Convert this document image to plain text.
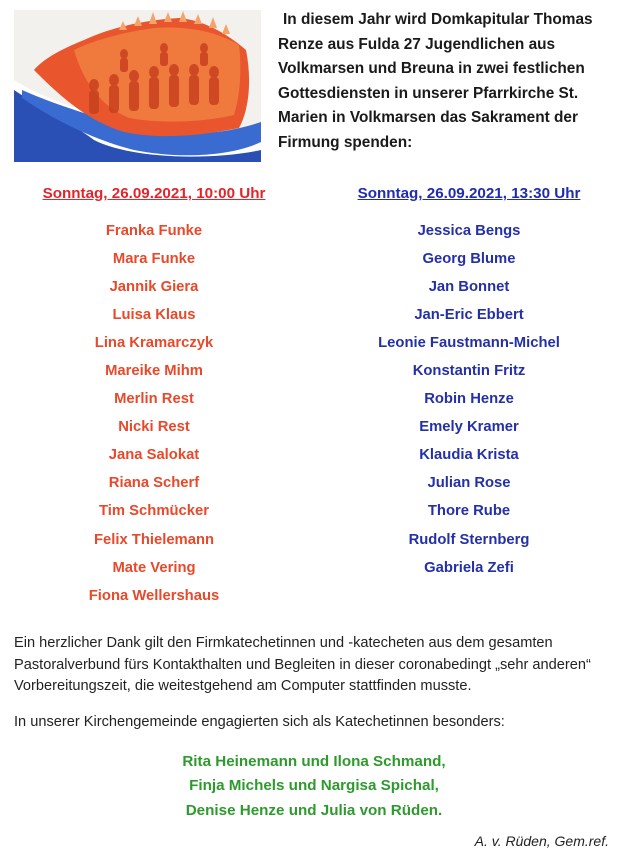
In diesem Jahr wird Domkapitular Thomas Renze aus Fulda 27 Jugendlichen aus Volkmarsen und Breuna in zwei festlichen Gottesdiensten in unserer Pfarrkirche St. Marien in Volkmarsen das Sakrament der Firmung spenden:
Sonntag, 26.09.2021, 10:00 Uhr
Franka Funke
Mara Funke
Jannik Giera
Luisa Klaus
Lina Kramarczyk
Mareike Mihm
Merlin Rest
Nicki Rest
Jana Salokat
Riana Scherf
Tim Schmücker
Felix Thielemann
Mate Vering
Fiona Wellershaus
Sonntag, 26.09.2021, 13:30 Uhr
Jessica Bengs
Georg Blume
Jan Bonnet
Jan-Eric Ebbert
Leonie Faustmann-Michel
Konstantin Fritz
Robin Henze
Emely Kramer
Klaudia Krista
Julian Rose
Thore Rube
Rudolf Sternberg
Gabriela Zefi

Ein herzlicher Dank gilt den Firmkatechetinnen und -katecheten aus dem gesamten Pastoralverbund fürs Kontakthalten und Begleiten in dieser coronabedingt „sehr anderen“ Vorbereitungszeit, die weitestgehend am Computer stattfinden musste.

In unserer Kirchengemeinde engagierten sich als Katechetinnen besonders:

Rita Heinemann und Ilona Schmand,
Finja Michels und Nargisa Spichal,
Denise Henze und Julia von Rüden.
A. v. Rüden, Gem.ref.
